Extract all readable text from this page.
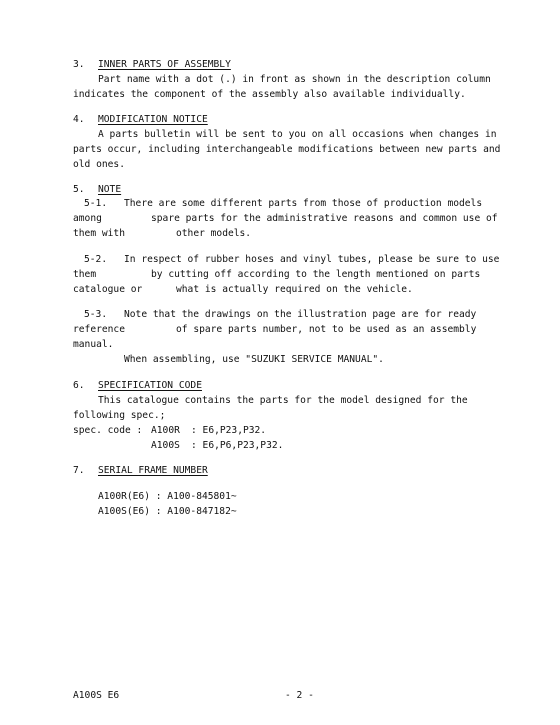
3. INNER PARTS OF ASSEMBLY
Part name with a dot (.) in front as shown in the description column
indicates the component of the assembly also available individually.
4. MODIFICATION NOTICE
A parts bulletin will be sent to you on all occasions when changes in
parts occur, including interchangeable modifications between new parts and
old ones.
5. NOTE
5-1. There are some different parts from those of production models
among	spare parts for the administrative reasons and common use of
them with	other models.
5-2. In respect of rubber hoses and vinyl tubes, please be sure to use
them	by cutting off according to the length mentioned on parts
catalogue or	what is actually required on the vehicle.
5-3. Note that the drawings on the illustration page are for ready
reference	of spare parts number, not to be used as an assembly
manual.
When assembling, use "SUZUKI SERVICE MANUAL".
6. SPECIFICATION CODE
This catalogue contains the parts for the model designed for the
following spec.;
spec. code : A100R : E6,P23,P32.
A100S : E6,P6,P23,P32.
7. SERIAL FRAME NUMBER
A100R(E6) : A100-845801~
A100S(E6) : A100-847182~
A100S E6	- 2 -
